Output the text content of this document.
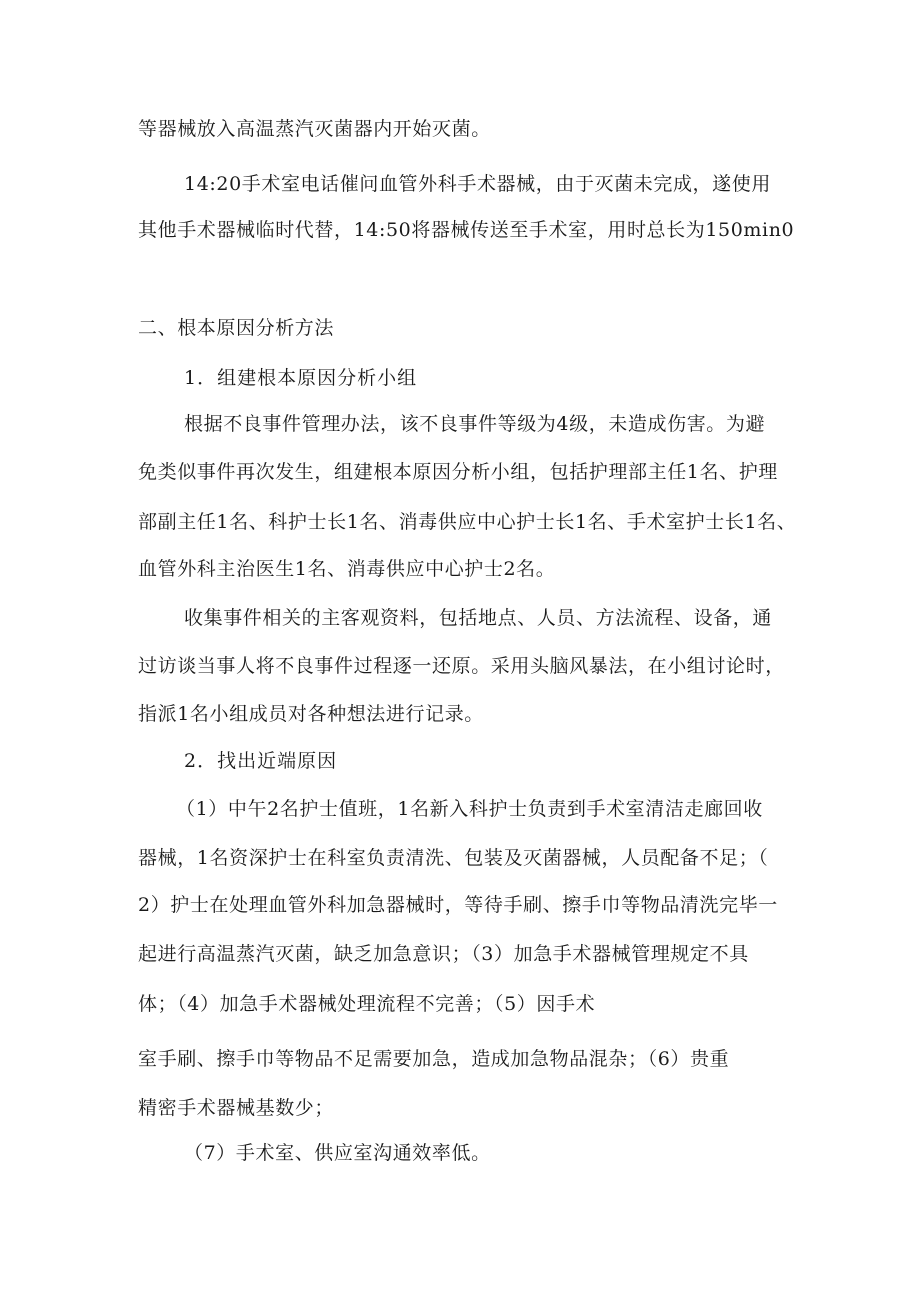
等器械放入高温蒸汽灭菌器内开始灭菌。
14:20手术室电话催问血管外科手术器械，由于灭菌未完成，遂使用
其他手术器械临时代替，14:50将器械传送至手术室，用时总长为150min0
二、根本原因分析方法
1．组建根本原因分析小组
根据不良事件管理办法，该不良事件等级为4级，未造成伤害。为避
免类似事件再次发生，组建根本原因分析小组，包括护理部主任1名、护理
部副主任1名、科护士长1名、消毒供应中心护士长1名、手术室护士长1名、
血管外科主治医生1名、消毒供应中心护士2名。
收集事件相关的主客观资料，包括地点、人员、方法流程、设备，通
过访谈当事人将不良事件过程逐一还原。采用头脑风暴法，在小组讨论时，
指派1名小组成员对各种想法进行记录。
2．找出近端原因
（1）中午2名护士值班，1名新入科护士负责到手术室清洁走廊回收
器械，1名资深护士在科室负责清洗、包装及灭菌器械，人员配备不足；（
2）护士在处理血管外科加急器械时，等待手刷、擦手巾等物品清洗完毕一
起进行高温蒸汽灭菌，缺乏加急意识；（3）加急手术器械管理规定不具
体；（4）加急手术器械处理流程不完善；（5）因手术
室手刷、擦手巾等物品不足需要加急，造成加急物品混杂；（6）贵重
精密手术器械基数少；
（7）手术室、供应室沟通效率低。
